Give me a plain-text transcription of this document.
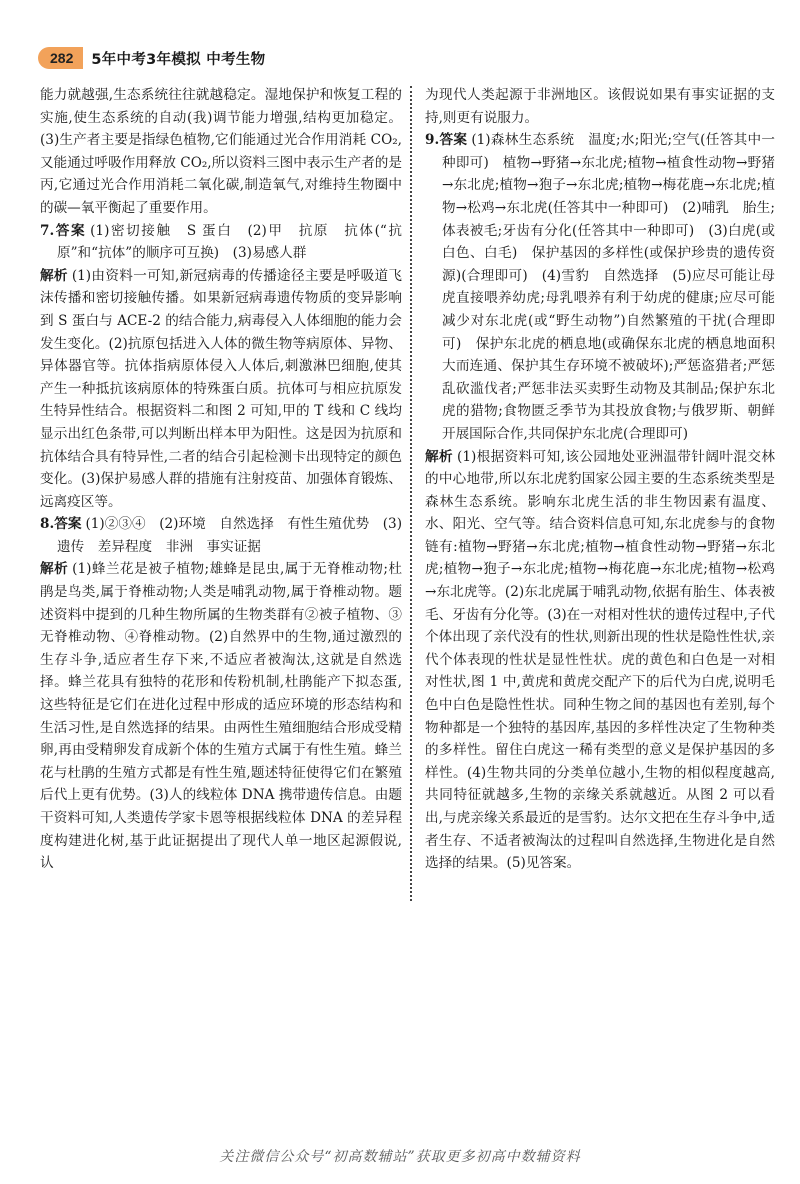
282	5年中考3年模拟 中考生物

能力就越强,生态系统往往就越稳定。湿地保护和恢复工程的实施,使生态系统的自动(我)调节能力增强,结构更加稳定。(3)生产者主要是指绿色植物,它们能通过光合作用消耗 CO₂,又能通过呼吸作用释放 CO₂,所以资料三图中表示生产者的是丙,它通过光合作用消耗二氧化碳,制造氧气,对维持生物圈中的碳—氧平衡起了重要作用。

7.答案 (1)密切接触　S 蛋白　(2)甲　抗原　抗体(“抗原”和“抗体”的顺序可互换)　(3)易感人群

解析 (1)由资料一可知,新冠病毒的传播途径主要是呼吸道飞沫传播和密切接触传播。如果新冠病毒遗传物质的变异影响到 S 蛋白与 ACE-2 的结合能力,病毒侵入人体细胞的能力会发生变化。(2)抗原包括进入人体的微生物等病原体、异物、异体器官等。抗体指病原体侵入人体后,刺激淋巴细胞,使其产生一种抵抗该病原体的特殊蛋白质。抗体可与相应抗原发生特异性结合。根据资料二和图 2 可知,甲的 T 线和 C 线均显示出红色条带,可以判断出样本甲为阳性。这是因为抗原和抗体结合具有特异性,二者的结合引起检测卡出现特定的颜色变化。(3)保护易感人群的措施有注射疫苗、加强体育锻炼、远离疫区等。

8.答案 (1)②③④　(2)环境　自然选择　有性生殖优势　(3)遗传　差异程度　非洲　事实证据

解析 (1)蜂兰花是被子植物;雄蜂是昆虫,属于无脊椎动物;杜鹃是鸟类,属于脊椎动物;人类是哺乳动物,属于脊椎动物。题述资料中提到的几种生物所属的生物类群有②被子植物、③无脊椎动物、④脊椎动物。(2)自然界中的生物,通过激烈的生存斗争,适应者生存下来,不适应者被淘汰,这就是自然选择。蜂兰花具有独特的花形和传粉机制,杜鹃能产下拟态蛋,这些特征是它们在进化过程中形成的适应环境的形态结构和生活习性,是自然选择的结果。由两性生殖细胞结合形成受精卵,再由受精卵发育成新个体的生殖方式属于有性生殖。蜂兰花与杜鹃的生殖方式都是有性生殖,题述特征使得它们在繁殖后代上更有优势。(3)人的线粒体 DNA 携带遗传信息。由题干资料可知,人类遗传学家卡恩等根据线粒体 DNA 的差异程度构建进化树,基于此证据提出了现代人单一地区起源假说,认

为现代人类起源于非洲地区。该假说如果有事实证据的支持,则更有说服力。

9.答案 (1)森林生态系统　温度;水;阳光;空气(任答其中一种即可)　植物→野猪→东北虎;植物→植食性动物→野猪→东北虎;植物→狍子→东北虎;植物→梅花鹿→东北虎;植物→松鸡→东北虎(任答其中一种即可)　(2)哺乳　胎生;体表被毛;牙齿有分化(任答其中一种即可)　(3)白虎(或白色、白毛)　保护基因的多样性(或保护珍贵的遗传资源)(合理即可)　(4)雪豹　自然选择　(5)应尽可能让母虎直接喂养幼虎;母乳喂养有利于幼虎的健康;应尽可能减少对东北虎(或“野生动物”)自然繁殖的干扰(合理即可)　保护东北虎的栖息地(或确保东北虎的栖息地面积大而连通、保护其生存环境不被破坏);严惩盗猎者;严惩乱砍滥伐者;严惩非法买卖野生动物及其制品;保护东北虎的猎物;食物匮乏季节为其投放食物;与俄罗斯、朝鲜开展国际合作,共同保护东北虎(合理即可)

解析 (1)根据资料可知,该公园地处亚洲温带针阔叶混交林的中心地带,所以东北虎豹国家公园主要的生态系统类型是森林生态系统。影响东北虎生活的非生物因素有温度、水、阳光、空气等。结合资料信息可知,东北虎参与的食物链有:植物→野猪→东北虎;植物→植食性动物→野猪→东北虎;植物→狍子→东北虎;植物→梅花鹿→东北虎;植物→松鸡→东北虎等。(2)东北虎属于哺乳动物,依据有胎生、体表被毛、牙齿有分化等。(3)在一对相对性状的遗传过程中,子代个体出现了亲代没有的性状,则新出现的性状是隐性性状,亲代个体表现的性状是显性性状。虎的黄色和白色是一对相对性状,图 1 中,黄虎和黄虎交配产下的后代为白虎,说明毛色中白色是隐性性状。同种生物之间的基因也有差别,每个物种都是一个独特的基因库,基因的多样性决定了生物种类的多样性。留住白虎这一稀有类型的意义是保护基因的多样性。(4)生物共同的分类单位越小,生物的相似程度越高,共同特征就越多,生物的亲缘关系就越近。从图 2 可以看出,与虎亲缘关系最近的是雪豹。达尔文把在生存斗争中,适者生存、不适者被淘汰的过程叫自然选择,生物进化是自然选择的结果。(5)见答案。

关注微信公众号“初高数辅站”获取更多初高中数辅资料
